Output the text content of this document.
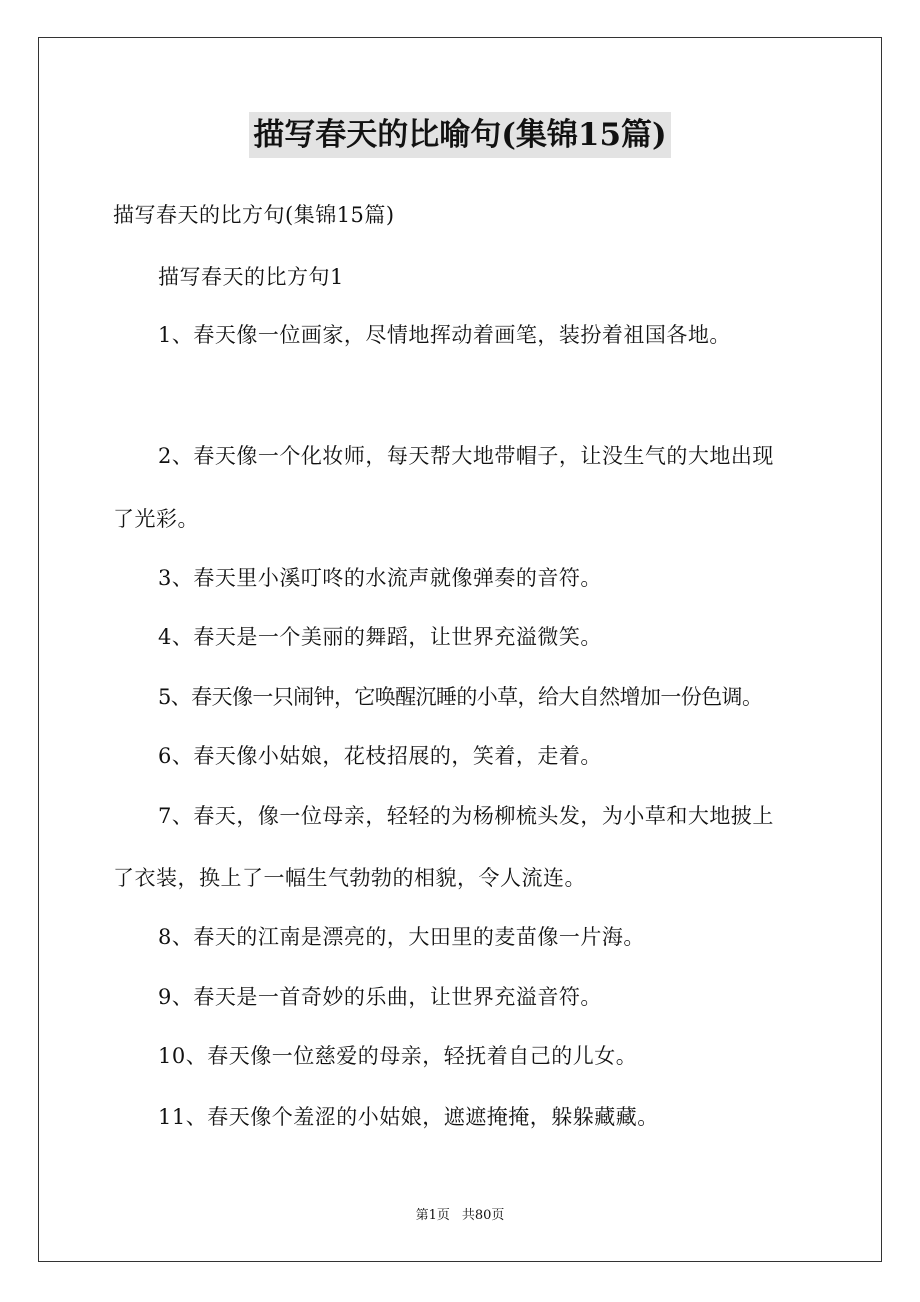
描写春天的比喻句(集锦15篇)
描写春天的比方句(集锦15篇)
描写春天的比方句1
1、春天像一位画家，尽情地挥动着画笔，装扮着祖国各地。
2、春天像一个化妆师，每天帮大地带帽子，让没生气的大地出现
了光彩。
3、春天里小溪叮咚的水流声就像弹奏的音符。
4、春天是一个美丽的舞蹈，让世界充溢微笑。
5、春天像一只闹钟，它唤醒沉睡的小草，给大自然增加一份色调。
6、春天像小姑娘，花枝招展的，笑着，走着。
7、春天，像一位母亲，轻轻的为杨柳梳头发，为小草和大地披上
了衣装，换上了一幅生气勃勃的相貌，令人流连。
8、春天的江南是漂亮的，大田里的麦苗像一片海。
9、春天是一首奇妙的乐曲，让世界充溢音符。
10、春天像一位慈爱的母亲，轻抚着自己的儿女。
11、春天像个羞涩的小姑娘，遮遮掩掩，躲躲藏藏。
第1页 共80页
